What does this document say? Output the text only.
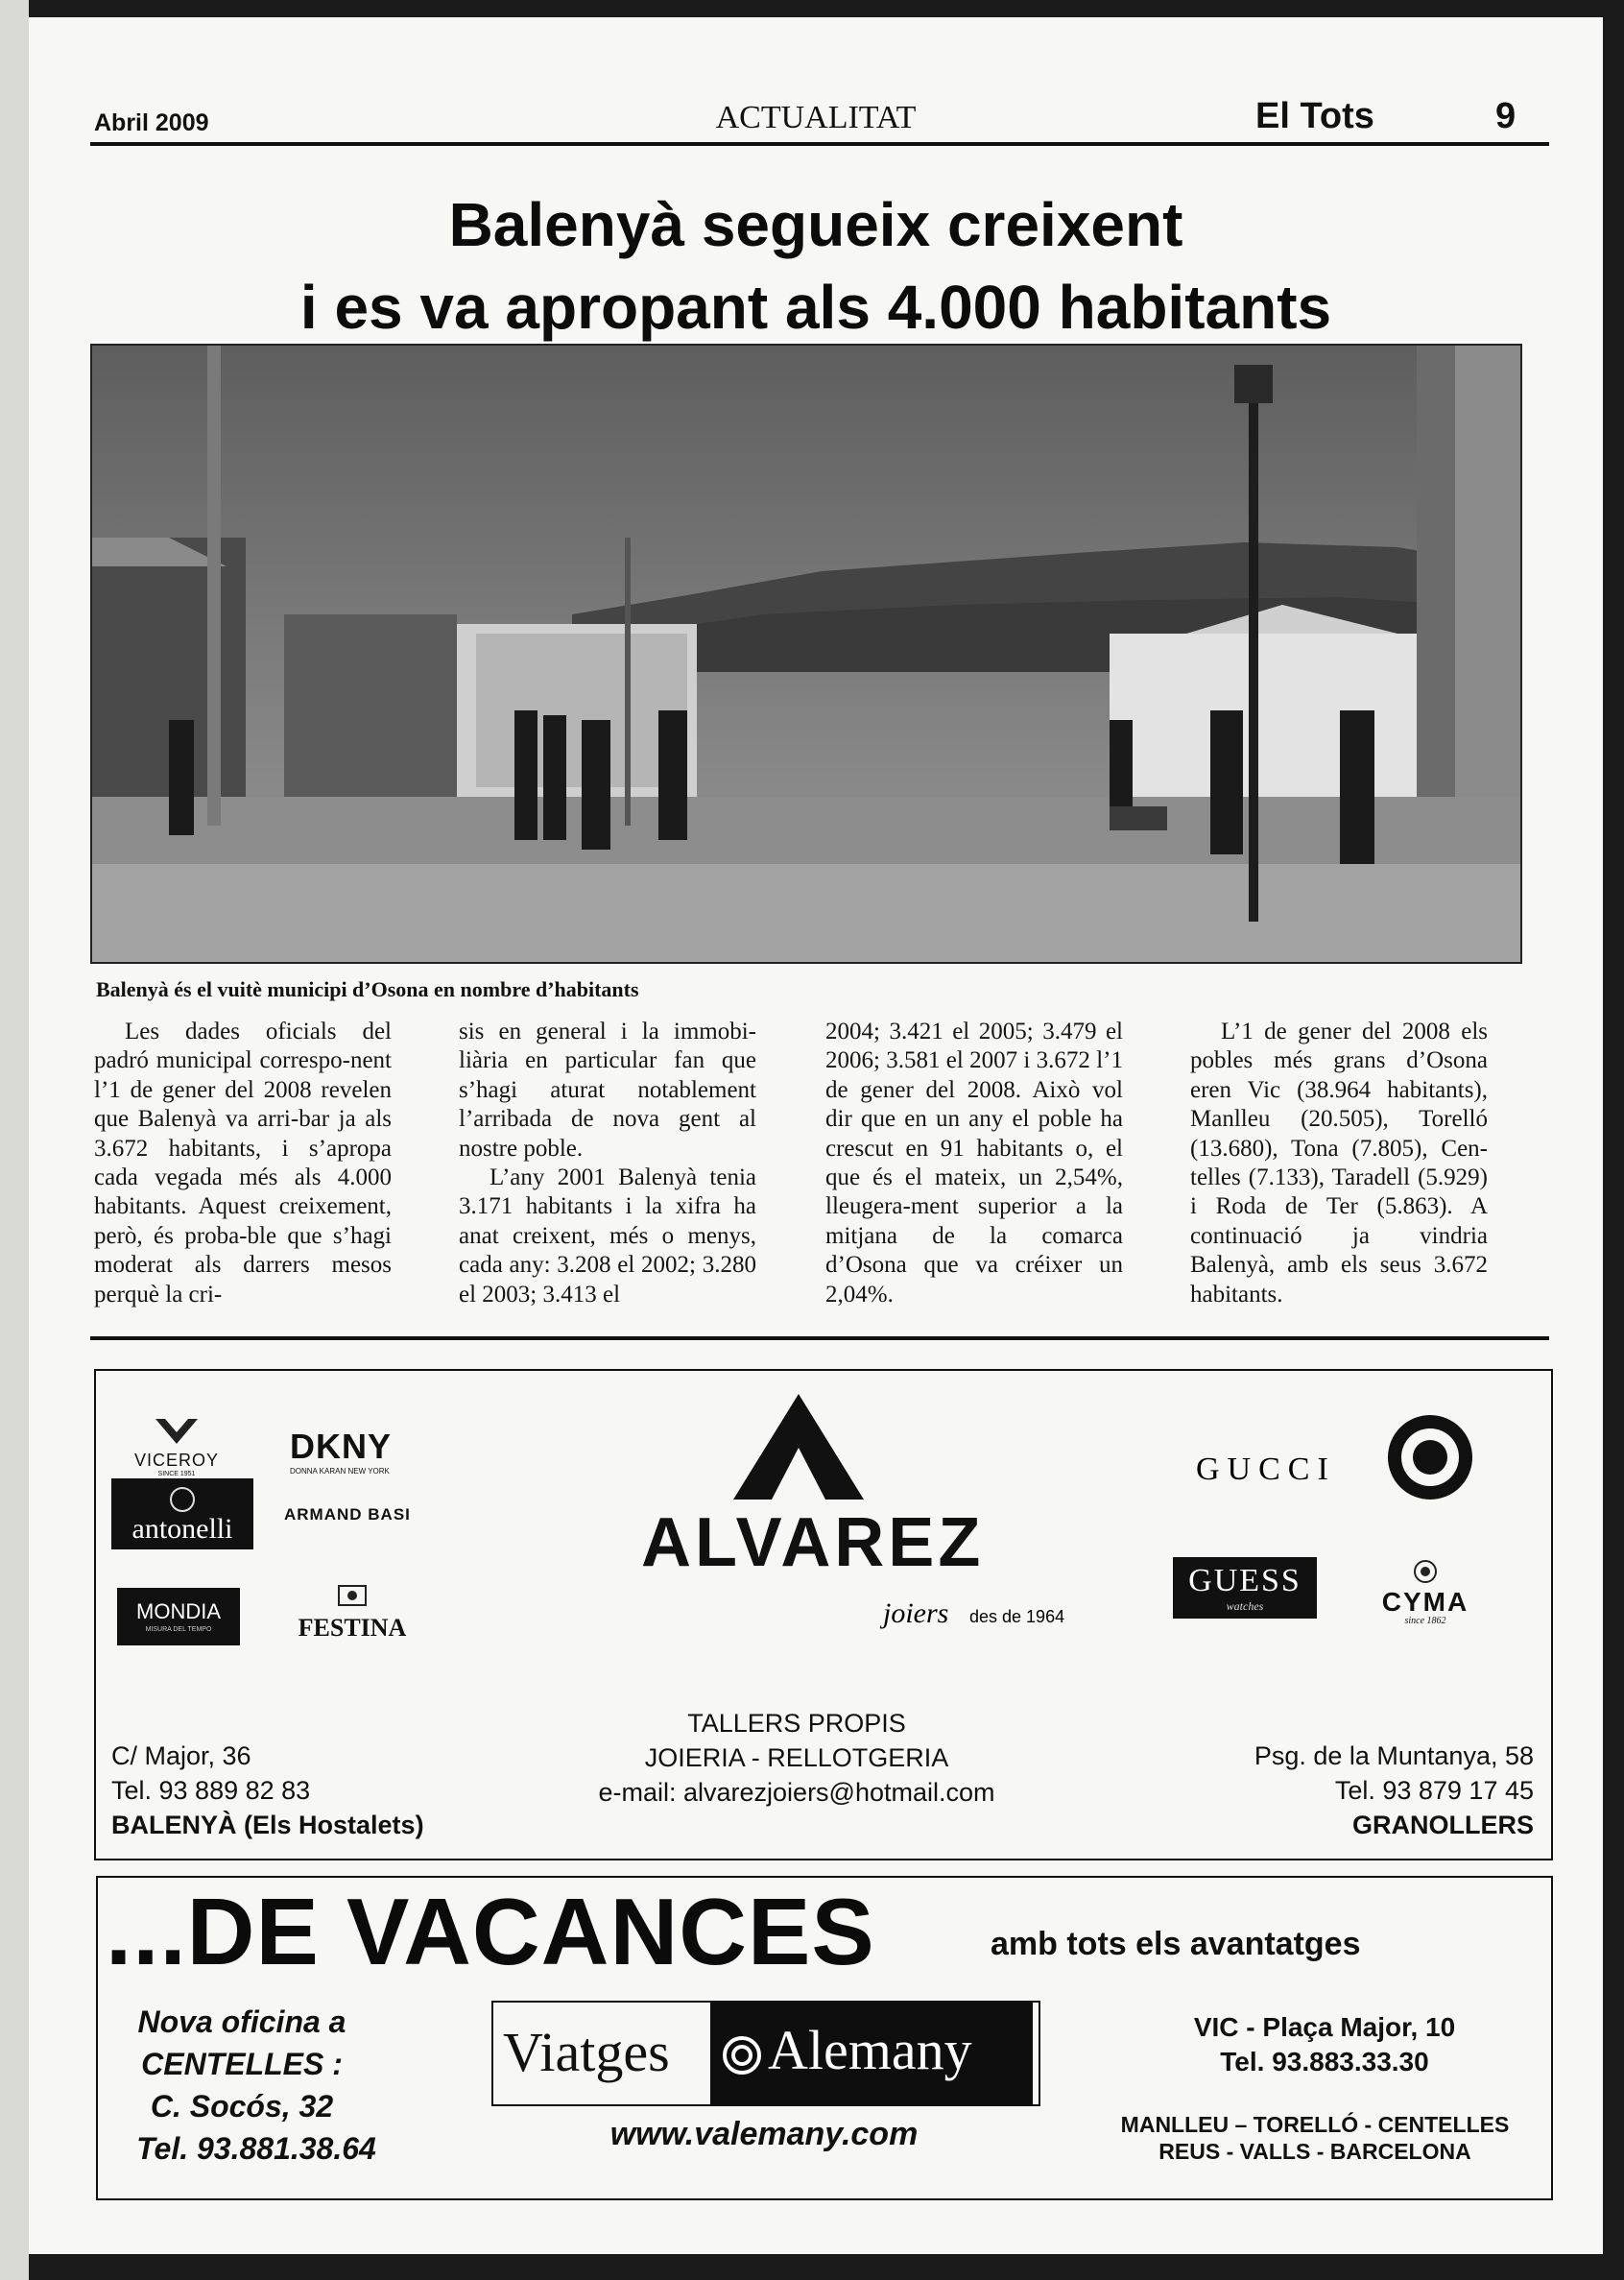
Abril 2009	ACTUALITAT	El Tots	9
Balenyà segueix creixent
i es va apropant als 4.000 habitants
Balenyà és el vuitè municipi d’Osona en nombre d’habitants

Les dades oficials del padró municipal correspo-nent l’1 de gener del 2008 revelen que Balenyà va arri-bar ja als 3.672 habitants, i s’apropa cada vegada més als 4.000 habitants. Aquest creixement, però, és proba-ble que s’hagi moderat als darrers mesos perquè la cri-

sis en general i la immobi-liària en particular fan que s’hagi aturat notablement l’arribada de nova gent al nostre poble.

L’any 2001 Balenyà tenia 3.171 habitants i la xifra ha anat creixent, més o menys, cada any: 3.208 el 2002; 3.280 el 2003; 3.413 el

2004; 3.421 el 2005; 3.479 el 2006; 3.581 el 2007 i 3.672 l’1 de gener del 2008. Això vol dir que en un any el poble ha crescut en 91 habitants o, el que és el mateix, un 2,54%, lleugera-ment superior a la mitjana de la comarca d’Osona que va créixer un 2,04%.

L’1 de gener del 2008 els pobles més grans d’Osona eren Vic (38.964 habitants), Manlleu (20.505), Torelló (13.680), Tona (7.805), Cen-telles (7.133), Taradell (5.929) i Roda de Ter (5.863). A continuació ja vindria Balenyà, amb els seus 3.672 habitants.

VICEROY
SINCE 1951
DKNY
DONNA KARAN NEW YORK
antonelli	ARMAND BASI
MONDIA
MISURA DEL TEMPO	FESTINA
ALVAREZ
joiers des de 1964
GUCCI
GUESS
watches	CYMA
since 1862
C/ Major, 36
Tel. 93 889 82 83
BALENYÀ (Els Hostalets)
TALLERS PROPIS
JOIERIA - RELLOTGERIA
e-mail: alvarezjoiers@hotmail.com
Psg. de la Muntanya, 58
Tel. 93 879 17 45
GRANOLLERS
...DE VACANCES	amb tots els avantatges
Nova oficina a
CENTELLES :
C. Socós, 32
Tel. 93.881.38.64
Viatges Alemany
www.valemany.com
VIC - Plaça Major, 10
Tel. 93.883.33.30
MANLLEU – TORELLÓ - CENTELLES
REUS - VALLS - BARCELONA
